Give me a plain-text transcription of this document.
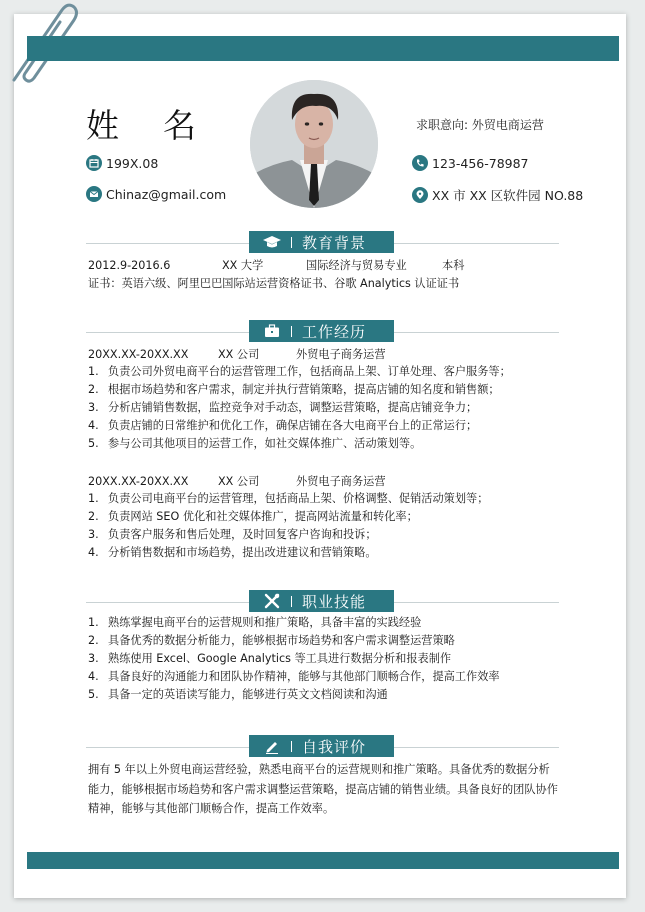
姓 名	求职意向: 外贸电商运营
199X.08
Chinaz@gmail.com
123-456-78987
XX 市 XX 区软件园 NO.88
教育背景
2012.9-2016.6	XX 大学	国际经济与贸易专业	本科
证书：英语六级、阿里巴巴国际站运营资格证书、谷歌 Analytics 认证证书
工作经历
20XX.XX-20XX.XX	XX 公司	外贸电子商务运营
1. 负责公司外贸电商平台的运营管理工作，包括商品上架、订单处理、客户服务等；
2. 根据市场趋势和客户需求，制定并执行营销策略，提高店铺的知名度和销售额；
3. 分析店铺销售数据，监控竞争对手动态，调整运营策略，提高店铺竞争力；
4. 负责店铺的日常维护和优化工作，确保店铺在各大电商平台上的正常运行；
5. 参与公司其他项目的运营工作，如社交媒体推广、活动策划等。
20XX.XX-20XX.XX	XX 公司	外贸电子商务运营
1. 负责公司电商平台的运营管理，包括商品上架、价格调整、促销活动策划等；
2. 负责网站 SEO 优化和社交媒体推广，提高网站流量和转化率；
3. 负责客户服务和售后处理，及时回复客户咨询和投诉；
4. 分析销售数据和市场趋势，提出改进建议和营销策略。
职业技能
1. 熟练掌握电商平台的运营规则和推广策略，具备丰富的实践经验
2. 具备优秀的数据分析能力，能够根据市场趋势和客户需求调整运营策略
3. 熟练使用 Excel、Google Analytics 等工具进行数据分析和报表制作
4. 具备良好的沟通能力和团队协作精神，能够与其他部门顺畅合作，提高工作效率
5. 具备一定的英语读写能力，能够进行英文文档阅读和沟通
自我评价
拥有 5 年以上外贸电商运营经验，熟悉电商平台的运营规则和推广策略。具备优秀的数据分析能力，能够根据市场趋势和客户需求调整运营策略，提高店铺的销售业绩。具备良好的团队协作精神，能够与其他部门顺畅合作，提高工作效率。
